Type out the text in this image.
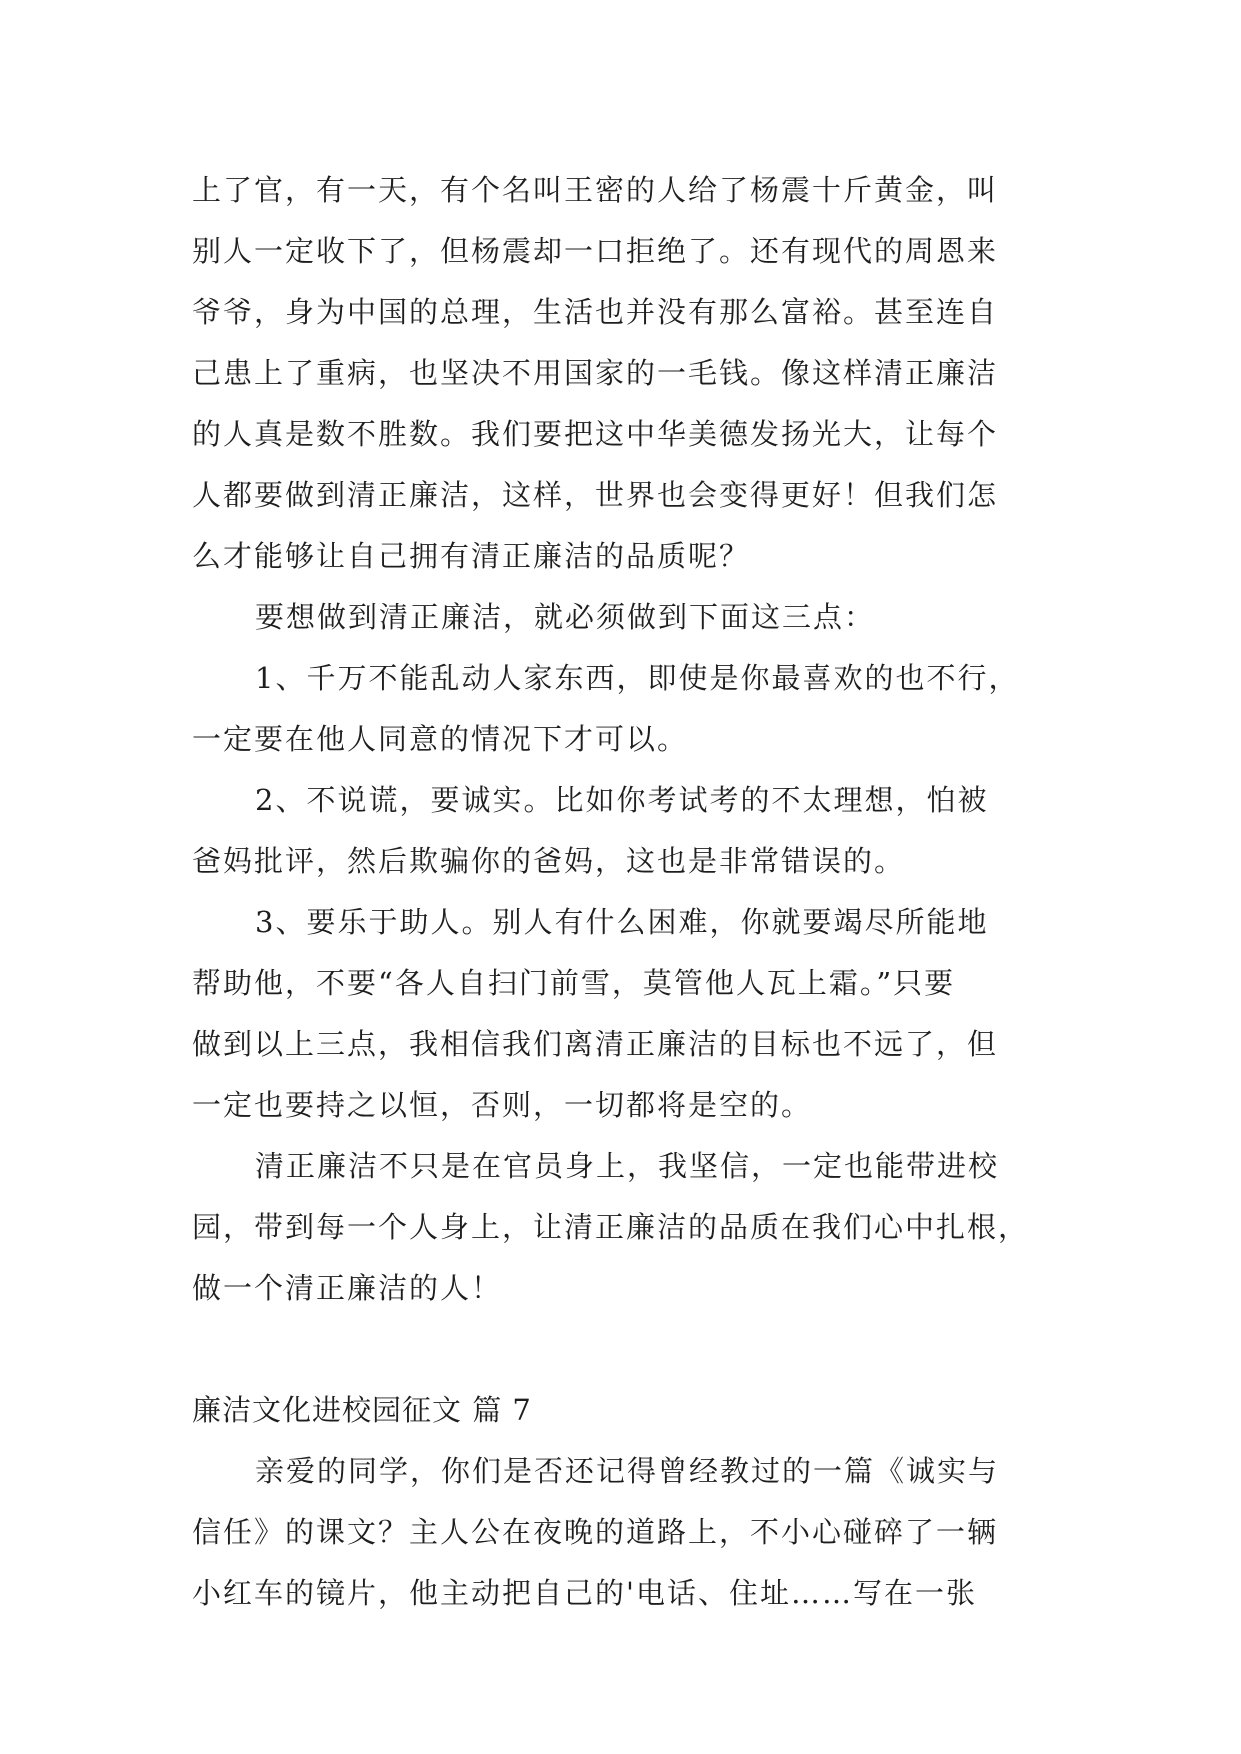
上了官，有一天，有个名叫王密的人给了杨震十斤黄金，叫
别人一定收下了，但杨震却一口拒绝了。还有现代的周恩来
爷爷，身为中国的总理，生活也并没有那么富裕。甚至连自
己患上了重病，也坚决不用国家的一毛钱。像这样清正廉洁
的人真是数不胜数。我们要把这中华美德发扬光大，让每个
人都要做到清正廉洁，这样，世界也会变得更好！但我们怎
么才能够让自己拥有清正廉洁的品质呢？
要想做到清正廉洁，就必须做到下面这三点：
1、千万不能乱动人家东西，即使是你最喜欢的也不行，
一定要在他人同意的情况下才可以。
2、不说谎，要诚实。比如你考试考的不太理想，怕被
爸妈批评，然后欺骗你的爸妈，这也是非常错误的。
3、要乐于助人。别人有什么困难，你就要竭尽所能地
帮助他，不要“各人自扫门前雪，莫管他人瓦上霜。”只要
做到以上三点，我相信我们离清正廉洁的目标也不远了，但
一定也要持之以恒，否则，一切都将是空的。
清正廉洁不只是在官员身上，我坚信，一定也能带进校
园，带到每一个人身上，让清正廉洁的品质在我们心中扎根，
做一个清正廉洁的人！
廉洁文化进校园征文 篇 7
亲爱的同学，你们是否还记得曾经教过的一篇《诚实与
信任》的课文？主人公在夜晚的道路上，不小心碰碎了一辆
小红车的镜片，他主动把自己的'电话、住址……写在一张
